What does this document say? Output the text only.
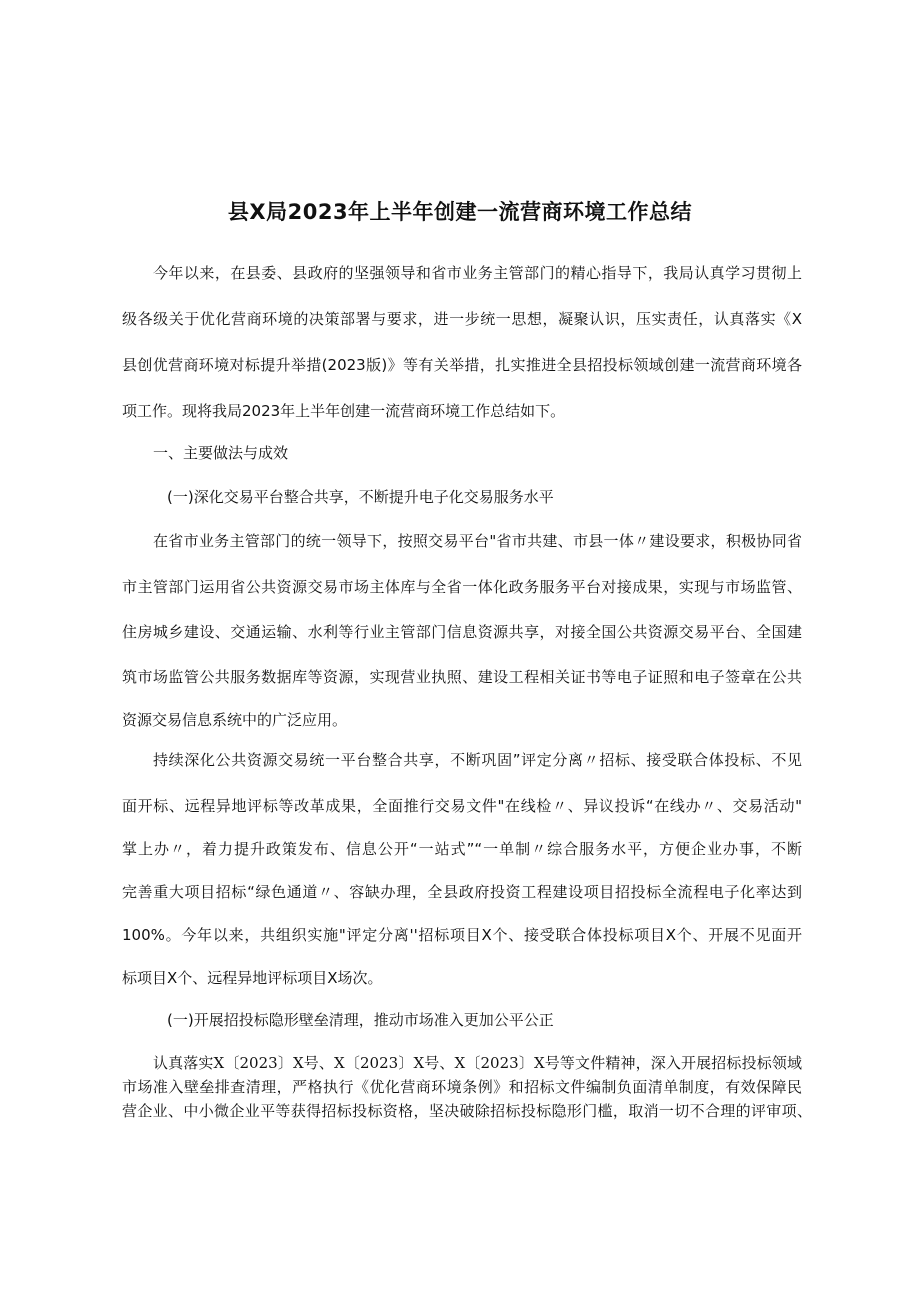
县X局2023年上半年创建一流营商环境工作总结
今年以来，在县委、县政府的坚强领导和省市业务主管部门的精心指导下，我局认真学习贯彻上
级各级关于优化营商环境的决策部署与要求，进一步统一思想，凝聚认识，压实责任，认真落实《X
县创优营商环境对标提升举措(2023版)》等有关举措，扎实推进全县招投标领域创建一流营商环境各
项工作。现将我局2023年上半年创建一流营商环境工作总结如下。
一、主要做法与成效
(一)深化交易平台整合共享，不断提升电子化交易服务水平
在省市业务主管部门的统一领导下，按照交易平台"省市共建、市县一体〃建设要求，积极协同省
市主管部门运用省公共资源交易市场主体库与全省一体化政务服务平台对接成果，实现与市场监管、
住房城乡建设、交通运输、水利等行业主管部门信息资源共享，对接全国公共资源交易平台、全国建
筑市场监管公共服务数据库等资源，实现营业执照、建设工程相关证书等电子证照和电子签章在公共
资源交易信息系统中的广泛应用。
持续深化公共资源交易统一平台整合共享，不断巩固”评定分离〃招标、接受联合体投标、不见
面开标、远程异地评标等改革成果，全面推行交易文件"在线检〃、异议投诉“在线办〃、交易活动"
掌上办〃，着力提升政策发布、信息公开“一站式”“一单制〃综合服务水平，方便企业办事，不断
完善重大项目招标“绿色通道〃、容缺办理，全县政府投资工程建设项目招投标全流程电子化率达到
100%。今年以来，共组织实施"评定分离''招标项目X个、接受联合体投标项目X个、开展不见面开
标项目X个、远程异地评标项目X场次。
(一)开展招投标隐形壁垒清理，推动市场准入更加公平公正
认真落实X〔2023〕X号、X〔2023〕X号、X〔2023〕X号等文件精神，深入开展招标投标领域
市场准入壁垒排查清理，严格执行《优化营商环境条例》和招标文件编制负面清单制度，有效保障民
营企业、中小微企业平等获得招标投标资格，坚决破除招标投标隐形门槛，取消一切不合理的评审项、
